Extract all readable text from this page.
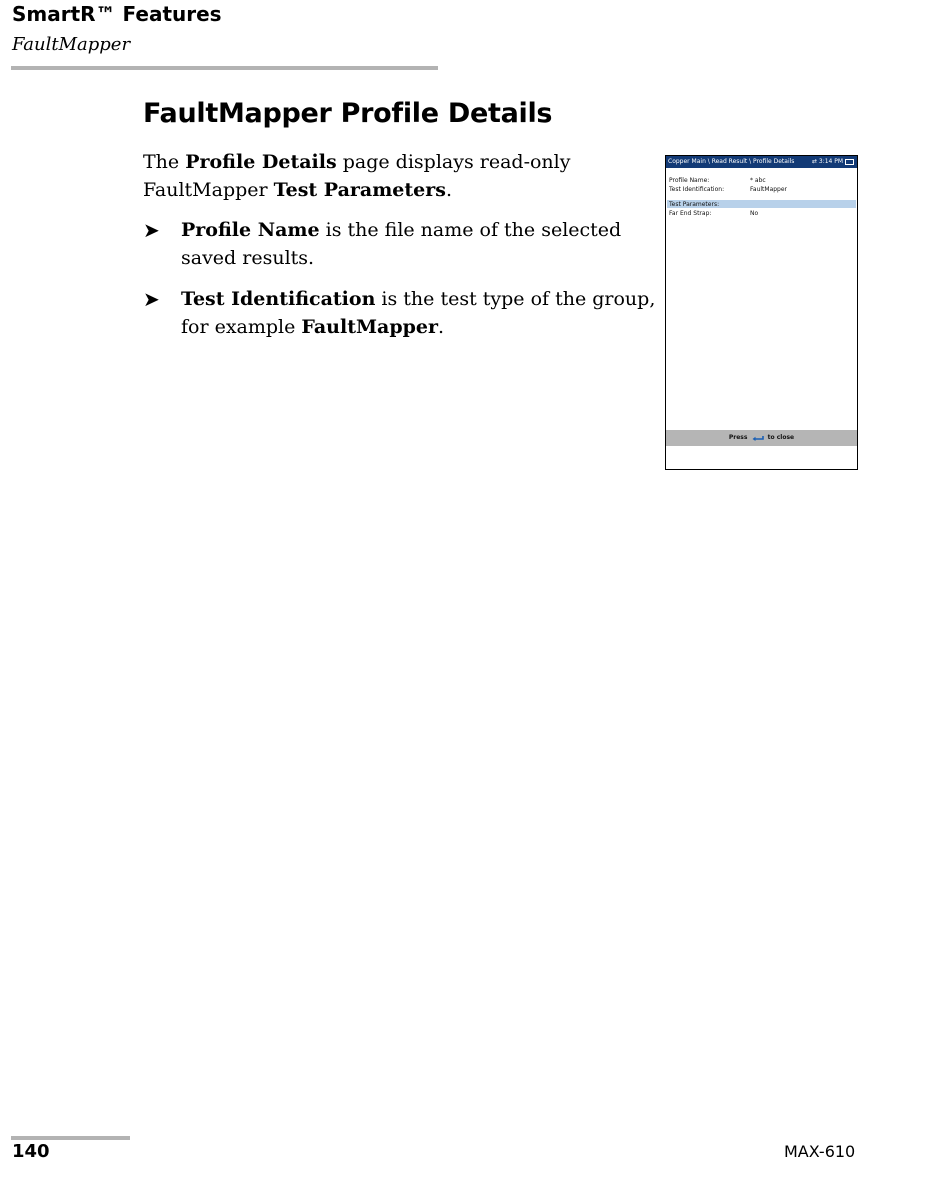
SmartR™ Features
FaultMapper
FaultMapper Profile Details
The Profile Details page displays read-only FaultMapper Test Parameters.
➤ Profile Name is the file name of the selected saved results.
➤ Test Identification is the test type of the group, for example FaultMapper.
Copper Main \ Read Result \ Profile Details	⇄ 3:14 PM
Profile Name:	* abc
Test Identification:	FaultMapper
Test Parameters:
Far End Strap:	No
Press	to close
140	MAX-610
